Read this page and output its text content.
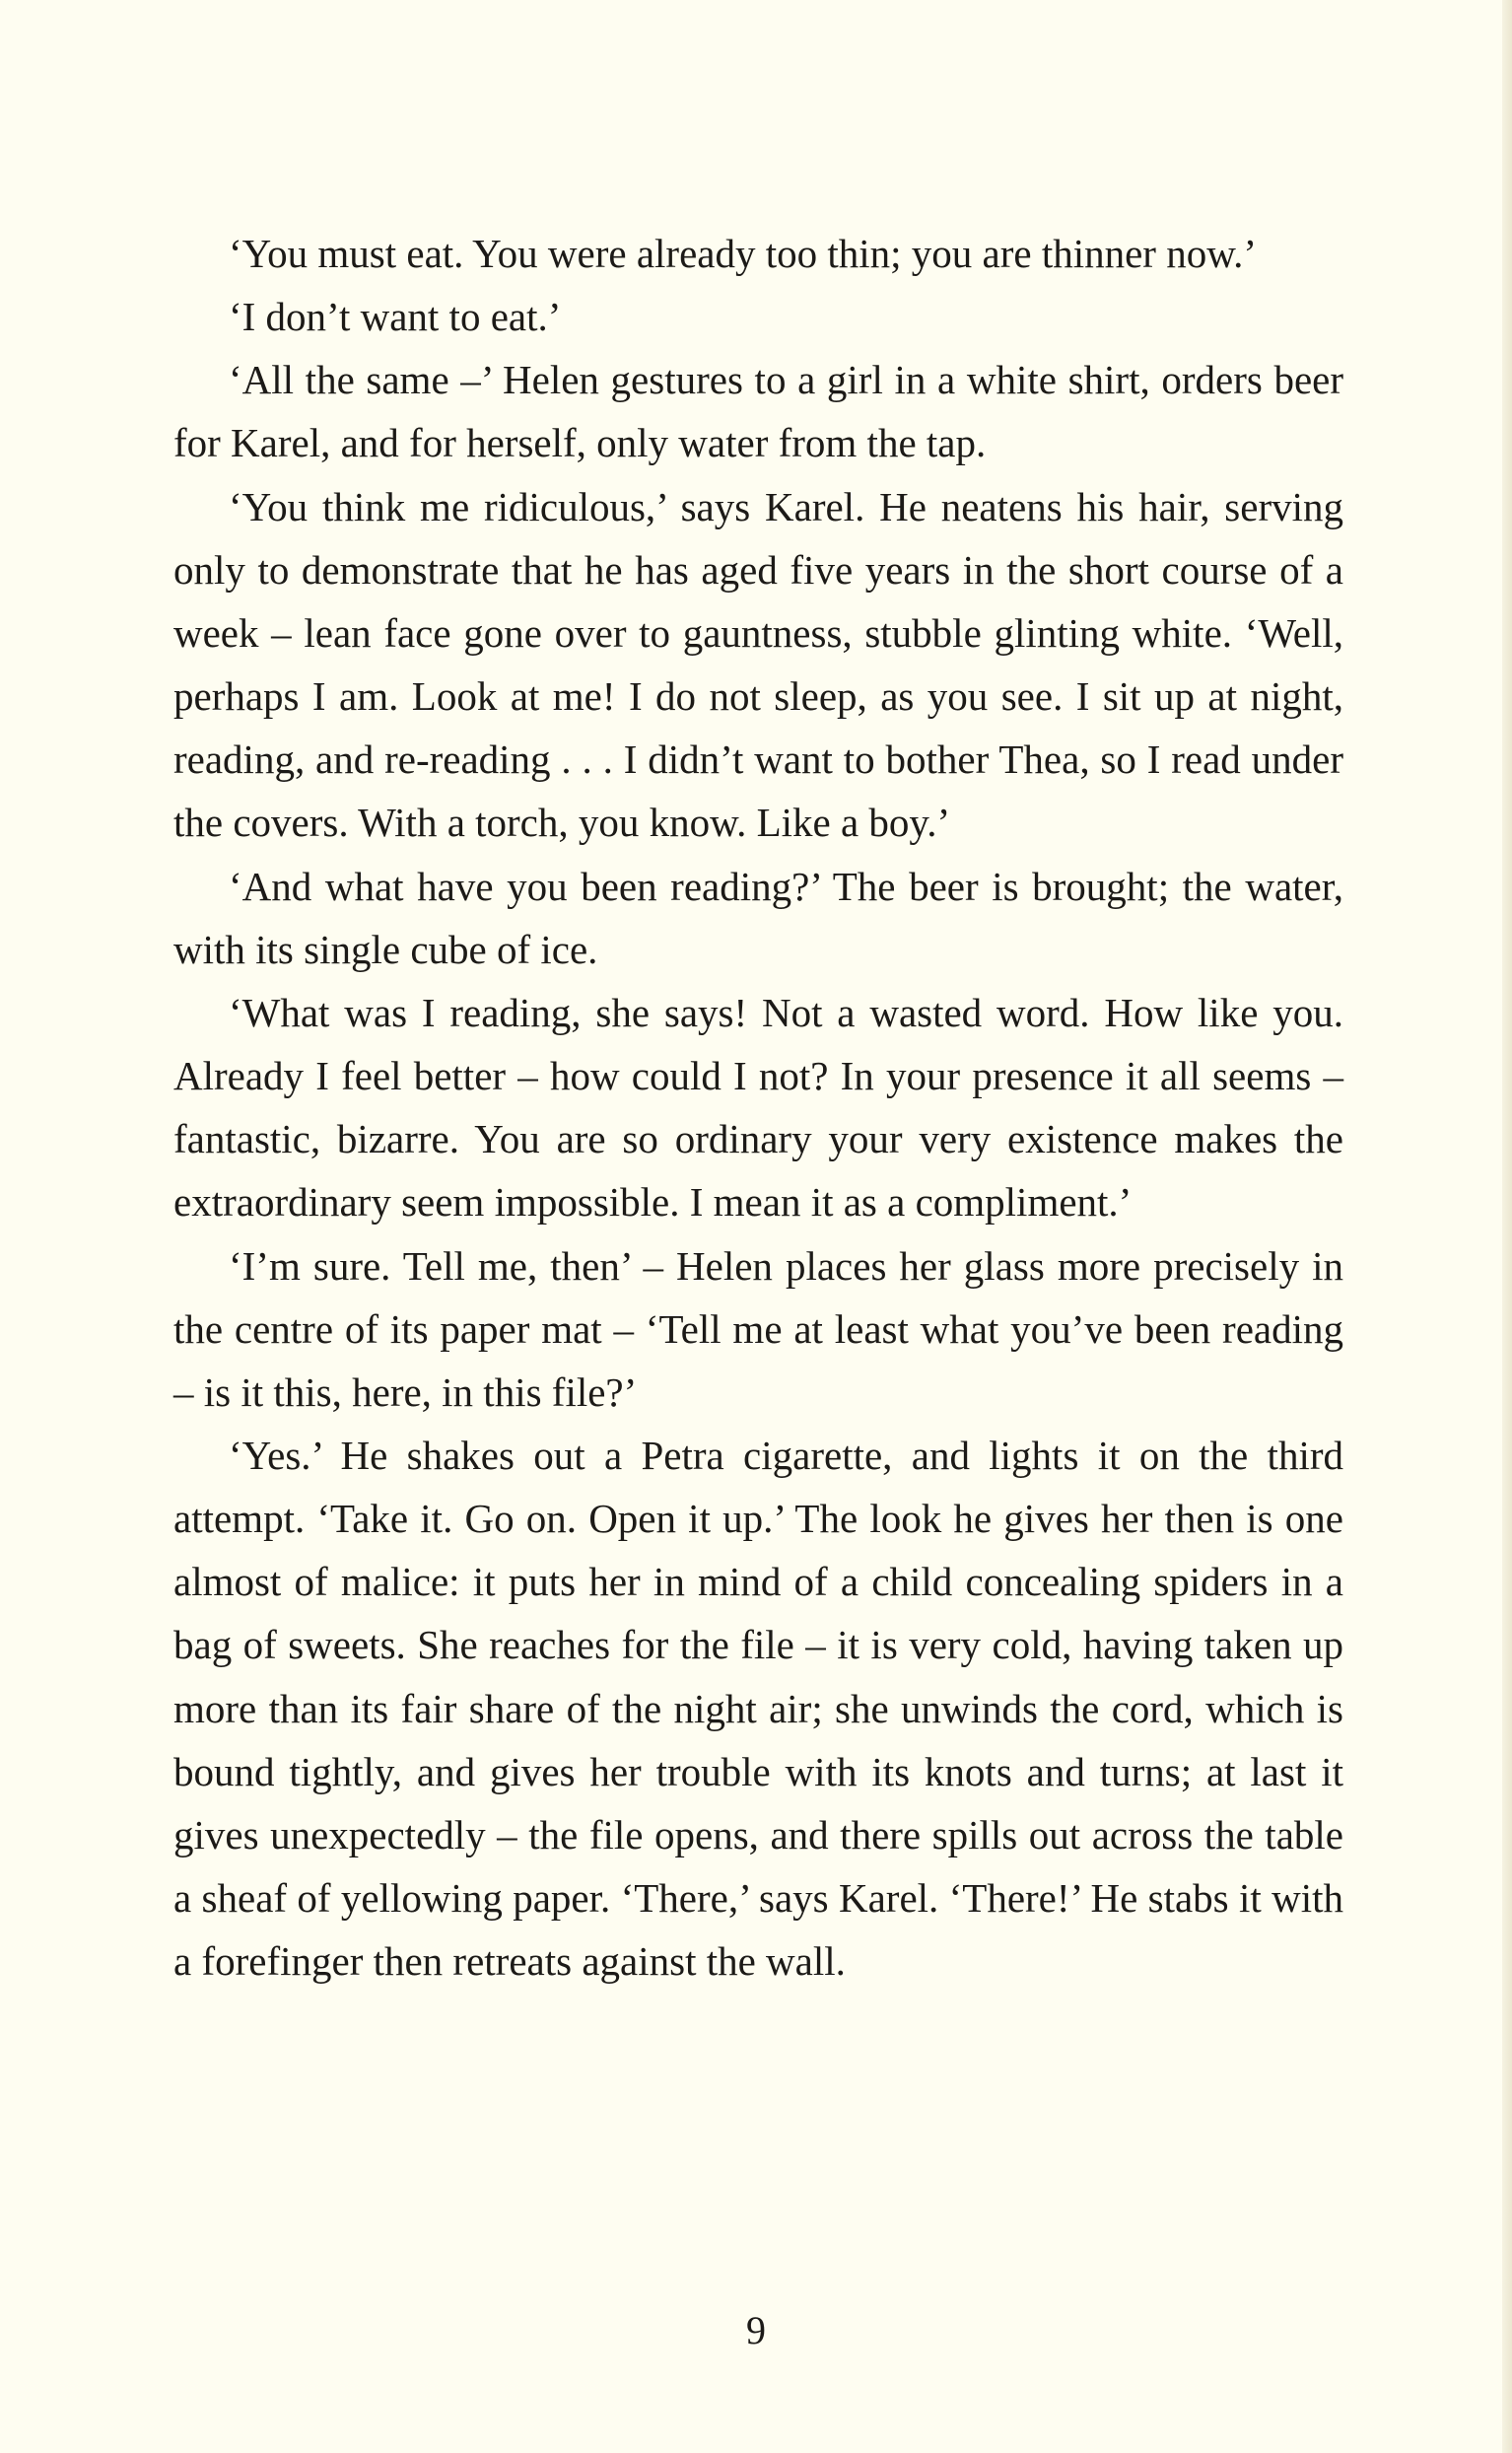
‘You must eat. You were already too thin; you are thinner now.’

‘I don’t want to eat.’

‘All the same –’ Helen gestures to a girl in a white shirt, orders beer for Karel, and for herself, only water from the tap.

‘You think me ridiculous,’ says Karel. He neatens his hair, serving only to demonstrate that he has aged five years in the short course of a week – lean face gone over to gauntness, stubble glinting white. ‘Well, perhaps I am. Look at me! I do not sleep, as you see. I sit up at night, reading, and re-reading . . . I didn’t want to bother Thea, so I read under the covers. With a torch, you know. Like a boy.’

‘And what have you been reading?’ The beer is brought; the water, with its single cube of ice.

‘What was I reading, she says! Not a wasted word. How like you. Already I feel better – how could I not? In your presence it all seems – fantastic, bizarre. You are so ordinary your very existence makes the extraordinary seem impossible. I mean it as a compliment.’

‘I’m sure. Tell me, then’ – Helen places her glass more precisely in the centre of its paper mat – ‘Tell me at least what you’ve been reading – is it this, here, in this file?’

‘Yes.’ He shakes out a Petra cigarette, and lights it on the third attempt. ‘Take it. Go on. Open it up.’ The look he gives her then is one almost of malice: it puts her in mind of a child concealing spiders in a bag of sweets. She reaches for the file – it is very cold, having taken up more than its fair share of the night air; she unwinds the cord, which is bound tightly, and gives her trouble with its knots and turns; at last it gives unexpectedly – the file opens, and there spills out across the table a sheaf of yellowing paper. ‘There,’ says Karel. ‘There!’ He stabs it with a forefinger then retreats against the wall.

9
